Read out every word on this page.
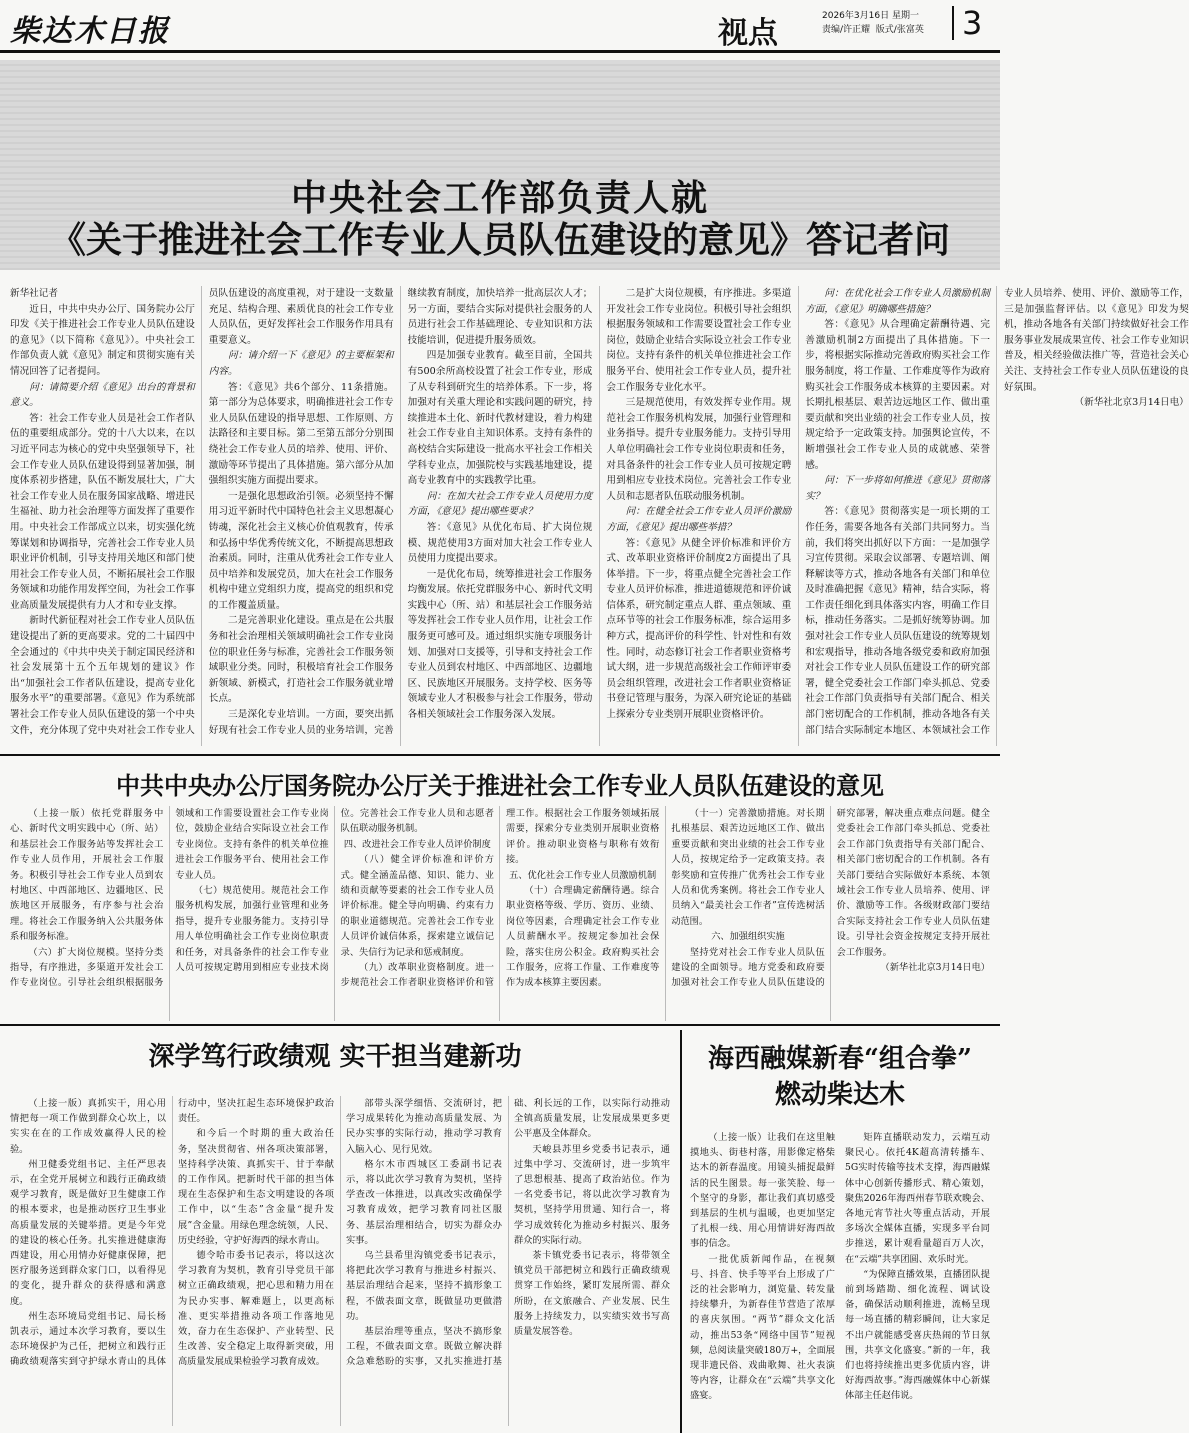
柴达木日报	视点	2026年3月16日 星期一
责编/许正耀 版式/张富英	3
中央社会工作部负责人就
《关于推进社会工作专业人员队伍建设的意见》答记者问

新华社记者

近日，中共中央办公厅、国务院办公厅印发《关于推进社会工作专业人员队伍建设的意见》（以下简称《意见》）。中央社会工作部负责人就《意见》制定和贯彻实施有关情况回答了记者提问。

问：请简要介绍《意见》出台的背景和意义。

答：社会工作专业人员是社会工作者队伍的重要组成部分。党的十八大以来，在以习近平同志为核心的党中央坚强领导下，社会工作专业人员队伍建设得到显著加强，制度体系初步搭建，队伍不断发展壮大，广大社会工作专业人员在服务国家战略、增进民生福祉、助力社会治理等方面发挥了重要作用。中央社会工作部成立以来，切实强化统筹谋划和协调指导，完善社会工作专业人员职业评价机制，引导支持用关地区和部门使用社会工作专业人员，不断拓展社会工作服务领域和功能作用发挥空间，为社会工作事业高质量发展提供有力人才和专业支撑。

新时代新征程对社会工作专业人员队伍建设提出了新的更高要求。党的二十届四中全会通过的《中共中央关于制定国民经济和社会发展第十五个五年规划的建议》作出“加强社会工作者队伍建设，提高专业化服务水平”的重要部署。《意见》作为系统部署社会工作专业人员队伍建设的第一个中央文件，充分体现了党中央对社会工作专业人员队伍建设的高度重视，对于建设一支数量充足、结构合理、素质优良的社会工作专业人员队伍，更好发挥社会工作服务作用具有重要意义。

问：请介绍一下《意见》的主要框架和内容。

答：《意见》共6个部分、11条措施。第一部分为总体要求，明确推进社会工作专业人员队伍建设的指导思想、工作原则、方法路径和主要目标。第二至第五部分分别围绕社会工作专业人员的培养、使用、评价、激励等环节提出了具体措施。第六部分从加强组织实施方面提出要求。

一是强化思想政治引领。必须坚持不懈用习近平新时代中国特色社会主义思想凝心铸魂，深化社会主义核心价值观教育，传承和弘扬中华优秀传统文化，不断提高思想政治素质。同时，注重从优秀社会工作专业人员中培养和发展党员，加大在社会工作服务机构中建立党组织力度，提高党的组织和党的工作覆盖质量。

二是完善职业化建设。重点是在公共服务和社会治理相关领域明确社会工作专业岗位的职业任务与标准，完善社会工作服务领域职业分类。同时，积极培育社会工作服务新领域、新模式，打造社会工作服务就业增长点。

三是深化专业培训。一方面，要突出抓好现有社会工作专业人员的业务培训，完善继续教育制度，加快培养一批高层次人才；另一方面，要结合实际对提供社会服务的人员进行社会工作基础理论、专业知识和方法技能培训，促进提升服务质效。

四是加强专业教育。截至目前，全国共有500余所高校设置了社会工作专业，形成了从专科到研究生的培养体系。下一步，将加强对有关重大理论和实践问题的研究，持续推进本土化、新时代教材建设，着力构建社会工作专业自主知识体系。支持有条件的高校结合实际建设一批高水平社会工作相关学科专业点，加强院校与实践基地建设，提高专业教育中的实践教学比重。

问：在加大社会工作专业人员使用力度方面，《意见》提出哪些要求？

答：《意见》从优化布局、扩大岗位规模、规范使用3方面对加大社会工作专业人员使用力度提出要求。

一是优化布局，统筹推进社会工作服务均衡发展。依托党群服务中心、新时代文明实践中心（所、站）和基层社会工作服务站等发挥社会工作专业人员作用，让社会工作服务更可感可及。通过组织实施专项服务计划、加强对口支援等，引导和支持社会工作专业人员到农村地区、中西部地区、边疆地区、民族地区开展服务。支持学校、医务等领域专业人才积极参与社会工作服务，带动各相关领域社会工作服务深入发展。

二是扩大岗位规模，有序推进。多渠道开发社会工作专业岗位。积极引导社会组织根据服务领域和工作需要设置社会工作专业岗位，鼓励企业结合实际设立社会工作专业岗位。支持有条件的机关单位推进社会工作服务平台、使用社会工作专业人员，提升社会工作服务专业化水平。

三是规范使用，有效发挥专业作用。规范社会工作服务机构发展，加强行业管理和业务指导。提升专业服务能力。支持引导用人单位明确社会工作专业岗位职责和任务，对具备条件的社会工作专业人员可按规定聘用到相应专业技术岗位。完善社会工作专业人员和志愿者队伍联动服务机制。

问：在健全社会工作专业人员评价激励方面，《意见》提出哪些举措？

答：《意见》从健全评价标准和评价方式、改革职业资格评价制度2方面提出了具体举措。下一步，将重点健全完善社会工作专业人员评价标准，推进道德规范和评价诚信体系，研究制定重点人群、重点领域、重点环节等的社会工作服务标准，综合运用多种方式，提高评价的科学性、针对性和有效性。同时，动态修订社会工作者职业资格考试大纲，进一步规范高级社会工作师评审委员会组织管理，改进社会工作者职业资格证书登记管理与服务，为深入研究论证的基础上探索分专业类别开展职业资格评价。

问：在优化社会工作专业人员激励机制方面，《意见》明确哪些措施？

答：《意见》从合理确定薪酬待遇、完善激励机制2方面提出了具体措施。下一步，将根据实际推动完善政府购买社会工作服务制度，将工作量、工作难度等作为政府购买社会工作服务成本核算的主要因素。对长期扎根基层、艰苦边远地区工作、做出重要贡献和突出业绩的社会工作专业人员，按规定给予一定政策支持。加强舆论宣传，不断增强社会工作专业人员的成就感、荣誉感。

问：下一步将如何推进《意见》贯彻落实？

答：《意见》贯彻落实是一项长期的工作任务，需要各地各有关部门共同努力。当前，我们将突出抓好以下方面：一是加强学习宣传贯彻。采取会议部署、专题培训、阐释解读等方式，推动各地各有关部门和单位及时准确把握《意见》精神，结合实际，将工作责任细化到具体落实内容，明确工作目标，推动任务落实。二是抓好统筹协调。加强对社会工作专业人员队伍建设的统筹规划和宏观指导，推动各地各级党委和政府加强对社会工作专业人员队伍建设工作的研究部署，健全党委社会工作部门牵头抓总、党委社会工作部门负责指导有关部门配合、相关部门密切配合的工作机制，推动各地各有关部门结合实际制定本地区、本领域社会工作专业人员培养、使用、评价、激励等工作，三是加强监督评估。以《意见》印发为契机，推动各地各有关部门持续做好社会工作服务事业发展成果宣传、社会工作专业知识普及，相关经验做法推广等，营造社会关心关注、支持社会工作专业人员队伍建设的良好氛围。

（新华社北京3月14日电）

中共中央办公厅国务院办公厅关于推进社会工作专业人员队伍建设的意见

（上接一版）依托党群服务中心、新时代文明实践中心（所、站）和基层社会工作服务站等发挥社会工作专业人员作用，开展社会工作服务。积极引导社会工作专业人员到农村地区、中西部地区、边疆地区、民族地区开展服务，有序参与社会治理。将社会工作服务纳入公共服务体系和服务标准。

（六）扩大岗位规模。坚持分类指导，有序推进，多渠道开发社会工作专业岗位。引导社会组织根据服务领域和工作需要设置社会工作专业岗位，鼓励企业结合实际设立社会工作专业岗位。支持有条件的机关单位推进社会工作服务平台、使用社会工作专业人员。

（七）规范使用。规范社会工作服务机构发展，加强行业管理和业务指导，提升专业服务能力。支持引导用人单位明确社会工作专业岗位职责和任务，对具备条件的社会工作专业人员可按规定聘用到相应专业技术岗位。完善社会工作专业人员和志愿者队伍联动服务机制。

四、改进社会工作专业人员评价制度

（八）健全评价标准和评价方式。健全涵盖品德、知识、能力、业绩和贡献等要素的社会工作专业人员评价标准。健全导向明确、约束有力的职业道德规范。完善社会工作专业人员评价诚信体系，探索建立诚信记录、失信行为记录和惩戒制度。

（九）改革职业资格制度。进一步规范社会工作者职业资格评价和管理工作。根据社会工作服务领域拓展需要，探索分专业类别开展职业资格评价。推动职业资格与职称有效衔接。

五、优化社会工作专业人员激励机制

（十）合理确定薪酬待遇。综合职业资格等级、学历、资历、业绩、岗位等因素，合理确定社会工作专业人员薪酬水平。按规定参加社会保险，落实住房公积金。政府购买社会工作服务，应将工作量、工作难度等作为成本核算主要因素。

（十一）完善激励措施。对长期扎根基层、艰苦边远地区工作、做出重要贡献和突出业绩的社会工作专业人员，按规定给予一定政策支持。表彰奖励和宣传推广优秀社会工作专业人员和优秀案例。将社会工作专业人员纳入“最美社会工作者”宣传选树活动范围。

六、加强组织实施

坚持党对社会工作专业人员队伍建设的全面领导。地方党委和政府要加强对社会工作专业人员队伍建设的研究部署，解决重点难点问题。健全党委社会工作部门牵头抓总、党委社会工作部门负责指导有关部门配合、相关部门密切配合的工作机制。各有关部门要结合实际做好本系统、本领域社会工作专业人员培养、使用、评价、激励等工作。各级财政部门要结合实际支持社会工作专业人员队伍建设。引导社会资金按规定支持开展社会工作服务。

（新华社北京3月14日电）

深学笃行政绩观 实干担当建新功

（上接一版）真抓实干，用心用情把每一项工作做到群众心坎上，以实实在在的工作成效赢得人民的检验。

州卫健委党组书记、主任严思表示，在全党开展树立和践行正确政绩观学习教育，既是做好卫生健康工作的根本要求，也是推动医疗卫生事业高质量发展的关键举措。更是今年党的建设的核心任务。扎实推进健康海西建设，用心用情办好健康保障，把医疗服务送到群众家门口，以看得见的变化，提升群众的获得感和满意度。

州生态环境局党组书记、局长杨凯表示，通过本次学习教育，要以生态环境保护为己任，把树立和践行正确政绩观落实到守护绿水青山的具体行动中，坚决扛起生态环境保护政治责任。

和今后一个时期的重大政治任务，坚决贯彻省、州各项决策部署，坚持科学决策、真抓实干、甘于奉献的工作作风。把新时代干部的担当体现在生态保护和生态文明建设的各项工作中，以“生态”含金量“提升发展”含金量。用绿色理念统领，人民、历史经验，守护好海西的绿水青山。

德令哈市委书记表示，将以这次学习教育为契机，教育引导党员干部树立正确政绩观，把心思和精力用在为民办实事、解难题上，以更高标准、更实举措推动各项工作落地见效，奋力在生态保护、产业转型、民生改善、安全稳定上取得新突破，用高质量发展成果检验学习教育成效。

部带头深学细悟、交流研讨，把学习成果转化为推动高质量发展、为民办实事的实际行动，推动学习教育入脑入心、见行见效。

格尔木市西城区工委副书记表示，将以此次学习教育为契机，坚持学查改一体推进，以真改实改确保学习教育成效，把学习教育同社区服务、基层治理相结合，切实为群众办实事。

乌兰县希里沟镇党委书记表示，将把此次学习教育与推进乡村振兴、基层治理结合起来，坚持不搞形象工程，不做表面文章，既做显功更做潜功。

基层治理等重点，坚决不搞形象工程，不做表面文章。既做立解决群众急难愁盼的实事，又扎实推进打基础、利长远的工作，以实际行动推动全镇高质量发展，让发展成果更多更公平惠及全体群众。

天峻县苏里乡党委书记表示，通过集中学习、交流研讨，进一步筑牢了思想根基、提高了政治站位。作为一名党委书记，将以此次学习教育为契机，坚持学用贯通、知行合一，将学习成效转化为推动乡村振兴、服务群众的实际行动。

茶卡镇党委书记表示，将带领全镇党员干部把树立和践行正确政绩观贯穿工作始终，紧盯发展所需、群众所盼，在文旅融合、产业发展、民生服务上持续发力，以实绩实效书写高质量发展答卷。

海西融媒新春“组合拳”
燃动柴达木

（上接一版）让我们在这里触摸地头、街巷村落，用影像定格柴达木的新春温度。用镜头捕捉最鲜活的民生图景。每一张笑脸、每一个坚守的身影，都让我们真切感受到基层的生机与温暖，也更加坚定了扎根一线、用心用情讲好海西故事的信念。

一批优质新闻作品，在视频号、抖音、快手等平台上形成了广泛的社会影响力，浏览量、转发量持续攀升，为新春佳节营造了浓厚的喜庆氛围。“两节”群众文化活动，推出53条“网络中国节”短视频，总阅读量突破180万+，全面展现非遗民俗、戏曲歌舞、社火表演等内容，让群众在“云端”共享文化盛宴。

矩阵直播联动发力，云端互动聚民心。依托4K超高清转播车、5G实时传输等技术支撑，海西融媒体中心创新传播形式、精心策划，聚焦2026年海西州春节联欢晚会、各地元宵节社火等重点活动，开展多场次全媒体直播，实现多平台同步推送，累计观看量超百万人次，在“云端”共享团圆、欢乐时光。

“为保障直播效果，直播团队提前到场踏勘、细化流程、调试设备，确保活动顺利推进，流畅呈现每一场直播的精彩瞬间，让大家足不出户就能感受喜庆热闹的节日氛围，共享文化盛宴。”新的一年，我们也将持续推出更多优质内容，讲好海西故事。”海西融媒体中心新媒体部主任赵伟说。
